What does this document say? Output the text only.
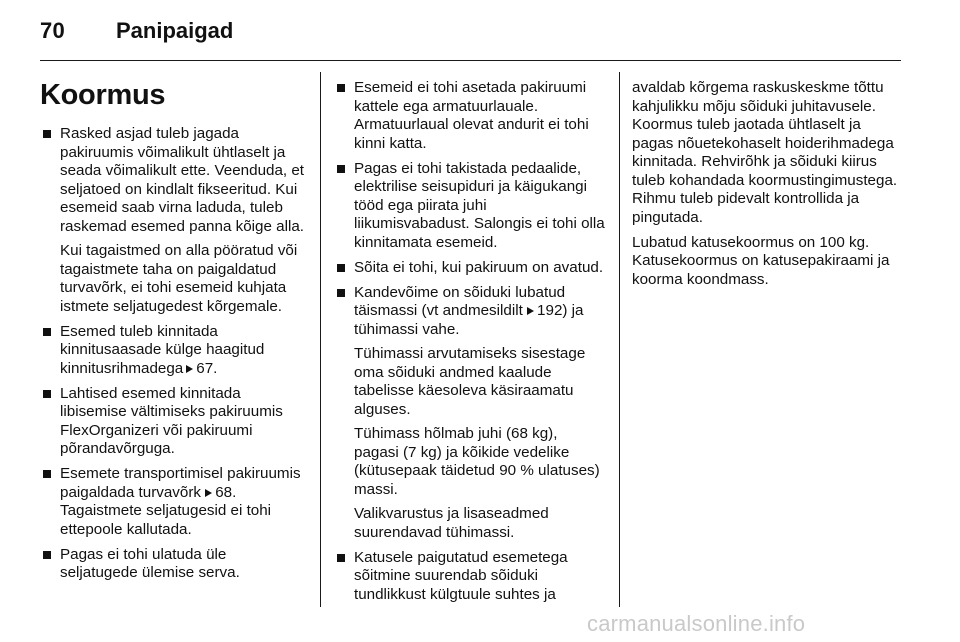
70 Panipaigad
Koormus
Rasked asjad tuleb jagada pakiruumis võimalikult ühtlaselt ja seada võimalikult ette. Veenduda, et seljatoed on kindlalt fikseeritud. Kui esemeid saab virna laduda, tuleb raskemad esemed panna kõige alla.
Kui tagaistmed on alla pööratud või tagaistmete taha on paigaldatud turvavõrk, ei tohi esemeid kuhjata istmete seljatugedest kõrgemale.
Esemed tuleb kinnitada kinnitusaasade külge haagitud kinnitusrihmadega 67.
Lahtised esemed kinnitada libisemise vältimiseks pakiruumis FlexOrganizeri või pakiruumi põrandavõrguga.
Esemete transportimisel pakiruumis paigaldada turvavõrk 68. Tagaistmete seljatugesid ei tohi ettepoole kallutada.
Pagas ei tohi ulatuda üle seljatugede ülemise serva.
Esemeid ei tohi asetada pakiruumi kattele ega armatuurlauale. Armatuurlaual olevat andurit ei tohi kinni katta.
Pagas ei tohi takistada pedaalide, elektrilise seisupiduri ja käigukangi tööd ega piirata juhi liikumisvabadust. Salongis ei tohi olla kinnitamata esemeid.
Sõita ei tohi, kui pakiruum on avatud.
Kandevõime on sõiduki lubatud täismassi (vt andmesildilt 192) ja tühimassi vahe.
Tühimassi arvutamiseks sisestage oma sõiduki andmed kaalude tabelisse käesoleva käsiraamatu alguses.
Tühimass hõlmab juhi (68 kg), pagasi (7 kg) ja kõikide vedelike (kütusepaak täidetud 90 % ulatuses) massi.
Valikvarustus ja lisaseadmed suurendavad tühimassi.
Katusele paigutatud esemetega sõitmine suurendab sõiduki tundlikkust külgtuule suhtes ja

avaldab kõrgema raskuskeskme tõttu kahjulikku mõju sõiduki juhitavusele. Koormus tuleb jaotada ühtlaselt ja pagas nõuetekohaselt hoiderihmadega kinnitada. Rehvirõhk ja sõiduki kiirus tuleb kohandada koormustingimustega. Rihmu tuleb pidevalt kontrollida ja pingutada.

Lubatud katusekoormus on 100 kg. Katusekoormus on katusepakiraami ja koorma koondmass.

carmanualsonline.info
